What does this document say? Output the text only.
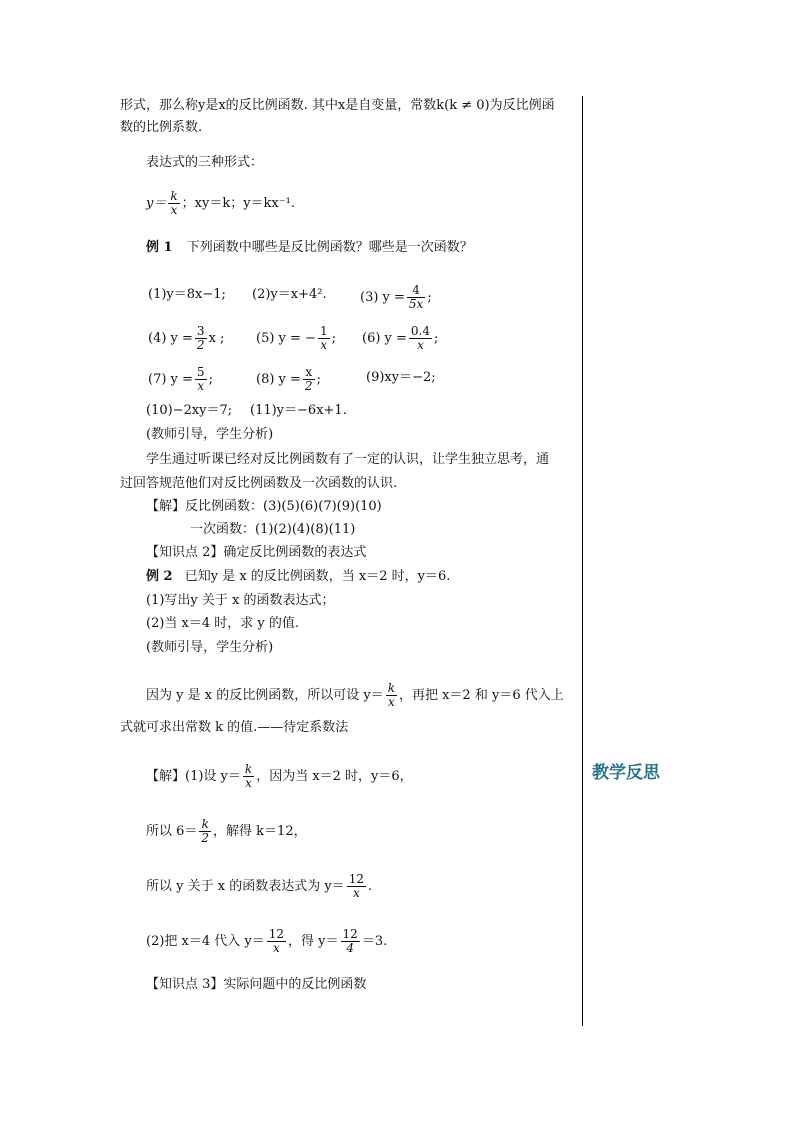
形式，那么称y是x的反比例函数. 其中x是自变量，常数k(k ≠ 0)为反比例函
数的比例系数.
表达式的三种形式：
$y= \frac{k}{x}$ ；xy＝k；y＝kx⁻¹.
例 1 下列函数中哪些是反比例函数？哪些是一次函数？
(1)y＝8x−1; (2)y＝x+4².	(3) $y = \frac{4}{5x}$ ;
(4) $y = \frac{3}{2}$ x ; (5) y = − $\frac{1}{x}$ ; (6) $y = \frac{0.4}{x}$ ;
(7) $y = \frac{5}{x}$ ;	(8) $y = \frac{x}{2}$ ;	(9)xy＝−2;
(10)−2xy＝7; (11)y＝−6x+1.
(教师引导，学生分析)
学生通过听课已经对反比例函数有了一定的认识，让学生独立思考，通
过回答规范他们对反比例函数及一次函数的认识.
【解】反比例函数：(3)(5)(6)(7)(9)(10)
一次函数：(1)(2)(4)(8)(11)
【知识点 2】确定反比例函数的表达式
例 2 已知y 是 x 的反比例函数，当 x＝2 时，y＝6.
(1)写出y 关于 x 的函数表达式；
(2)当 x＝4 时，求 y 的值.
(教师引导，学生分析)
因为 y 是 x 的反比例函数，所以可设 $y= \frac{k}{x}$ ，再把 x＝2 和 y＝6 代入上
式就可求出常数 k 的值.——待定系数法
【解】(1)设 $y= \frac{k}{x}$ ，因为当 x＝2 时，y＝6，
所以 $6= \frac{k}{2}$ ，解得 k＝12，
所以 y 关于 x 的函数表达式为 $y= \frac{12}{x}$ .
(2)把 x＝4 代入 $y= \frac{12}{x}$ ，得 $y= \frac{12}{4} =3$.
【知识点 3】实际问题中的反比例函数
教学反思
